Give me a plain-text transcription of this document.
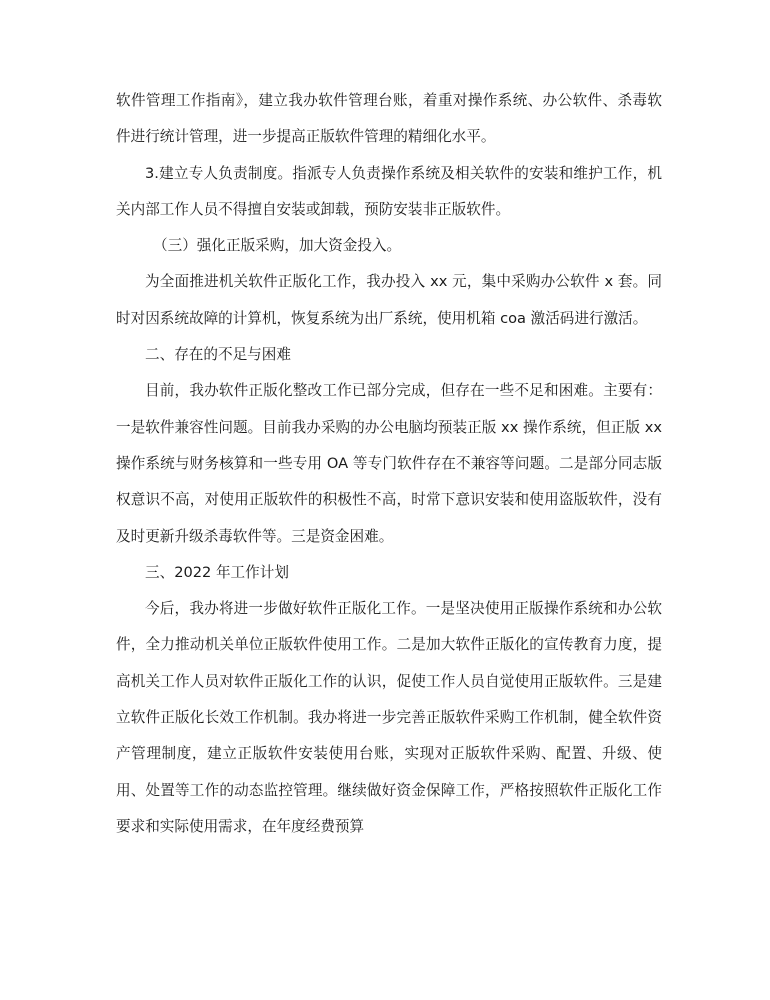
软件管理工作指南》，建立我办软件管理台账，着重对操作系统、办公软件、杀毒软件进行统计管理，进一步提高正版软件管理的精细化水平。

3.建立专人负责制度。指派专人负责操作系统及相关软件的安装和维护工作，机关内部工作人员不得擅自安装或卸载，预防安装非正版软件。

（三）强化正版采购，加大资金投入。

为全面推进机关软件正版化工作，我办投入 xx 元，集中采购办公软件 x 套。同时对因系统故障的计算机，恢复系统为出厂系统，使用机箱 coa 激活码进行激活。

二、存在的不足与困难

目前，我办软件正版化整改工作已部分完成，但存在一些不足和困难。主要有：一是软件兼容性问题。目前我办采购的办公电脑均预装正版 xx 操作系统，但正版 xx 操作系统与财务核算和一些专用 OA 等专门软件存在不兼容等问题。二是部分同志版权意识不高，对使用正版软件的积极性不高，时常下意识安装和使用盗版软件，没有及时更新升级杀毒软件等。三是资金困难。

三、2022 年工作计划

今后，我办将进一步做好软件正版化工作。一是坚决使用正版操作系统和办公软件，全力推动机关单位正版软件使用工作。二是加大软件正版化的宣传教育力度，提高机关工作人员对软件正版化工作的认识，促使工作人员自觉使用正版软件。三是建立软件正版化长效工作机制。我办将进一步完善正版软件采购工作机制，健全软件资产管理制度，建立正版软件安装使用台账，实现对正版软件采购、配置、升级、使用、处置等工作的动态监控管理。继续做好资金保障工作，严格按照软件正版化工作要求和实际使用需求，在年度经费预算
